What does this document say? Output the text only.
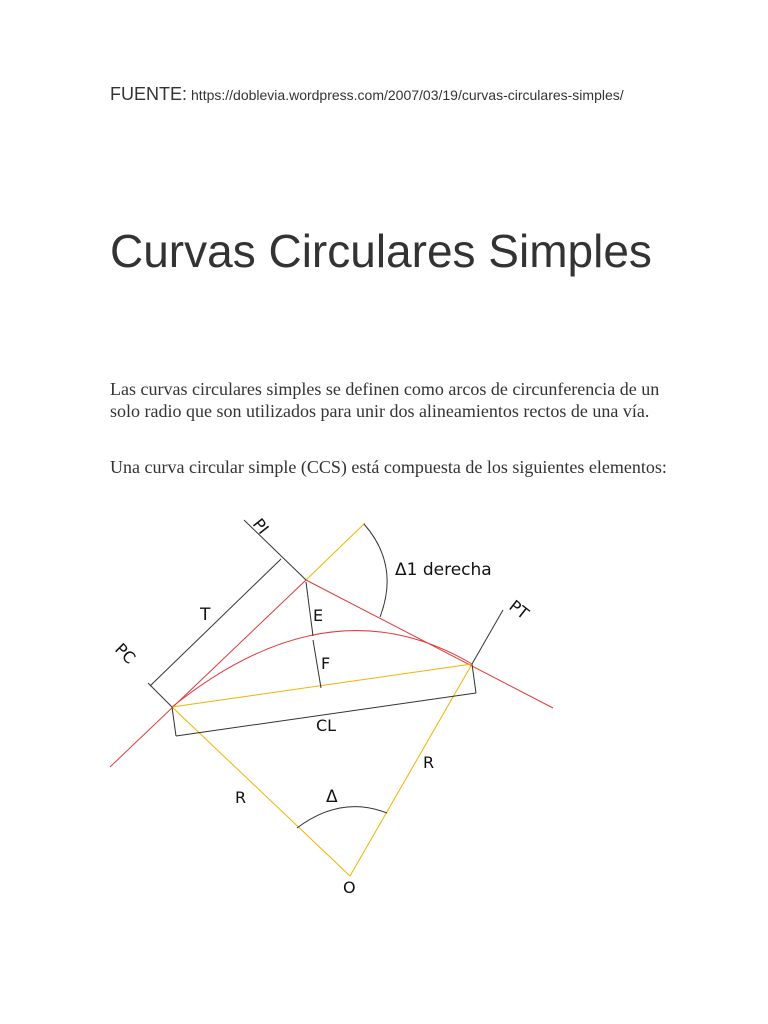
FUENTE: https://doblevia.wordpress.com/2007/03/19/curvas-circulares-simples/
Curvas Circulares Simples

Las curvas circulares simples se definen como arcos de circunferencia de un solo radio que son utilizados para unir dos alineamientos rectos de una vía.

Una curva circular simple (CCS) está compuesta de los siguientes elementos:

PI
PC
PT
T	E
F
CL
R
R
Δ
Δ1 derecha
O
